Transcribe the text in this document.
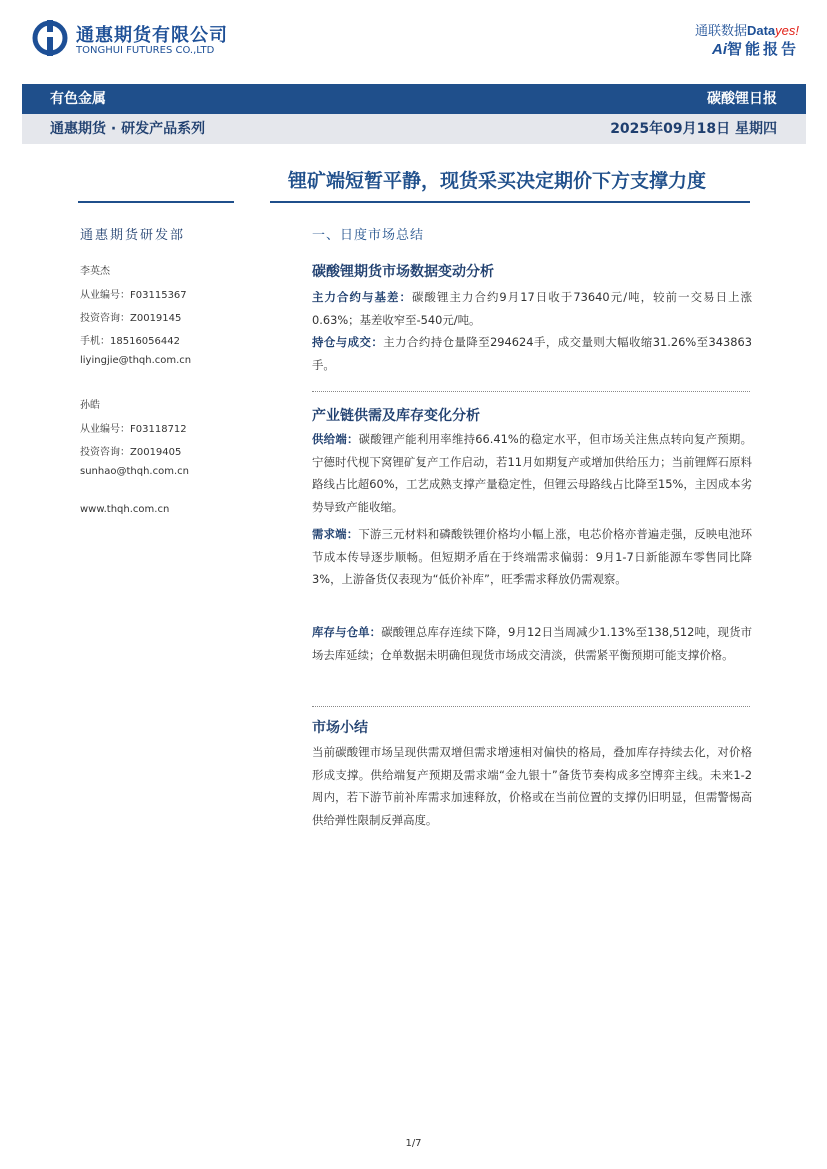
通惠期货有限公司
TONGHUI FUTURES CO.,LTD
通联数据Datayes!
Ai智能报告
有色金属	碳酸锂日报
通惠期货 · 研发产品系列	2025年09月18日 星期四
锂矿端短暂平静，现货采买决定期价下方支撑力度
通惠期货研发部
李英杰
从业编号：F03115367
投资咨询：Z0019145
手机：18516056442
liyingjie@thqh.com.cn
孙皓
从业编号：F03118712
投资咨询：Z0019405
sunhao@thqh.com.cn
www.thqh.com.cn
一、日度市场总结
碳酸锂期货市场数据变动分析

主力合约与基差：碳酸锂主力合约9月17日收于73640元/吨，较前一交易日上涨0.63%；基差收窄至-540元/吨。

持仓与成交：主力合约持仓量降至294624手，成交量则大幅收缩31.26%至343863手。

产业链供需及库存变化分析

供给端：碳酸锂产能利用率维持66.41%的稳定水平，但市场关注焦点转向复产预期。宁德时代枧下窝锂矿复产工作启动，若11月如期复产或增加供给压力；当前锂辉石原料路线占比超60%，工艺成熟支撑产量稳定性，但锂云母路线占比降至15%，主因成本劣势导致产能收缩。

需求端：下游三元材料和磷酸铁锂价格均小幅上涨，电芯价格亦普遍走强，反映电池环节成本传导逐步顺畅。但短期矛盾在于终端需求偏弱：9月1-7日新能源车零售同比降3%，上游备货仅表现为“低价补库”，旺季需求释放仍需观察。

库存与仓单：碳酸锂总库存连续下降，9月12日当周减少1.13%至138,512吨，现货市场去库延续；仓单数据未明确但现货市场成交清淡，供需紧平衡预期可能支撑价格。

市场小结

当前碳酸锂市场呈现供需双增但需求增速相对偏快的格局，叠加库存持续去化，对价格形成支撑。供给端复产预期及需求端“金九银十”备货节奏构成多空博弈主线。未来1-2周内，若下游节前补库需求加速释放，价格或在当前位置的支撑仍旧明显，但需警惕高供给弹性限制反弹高度。

1/7
